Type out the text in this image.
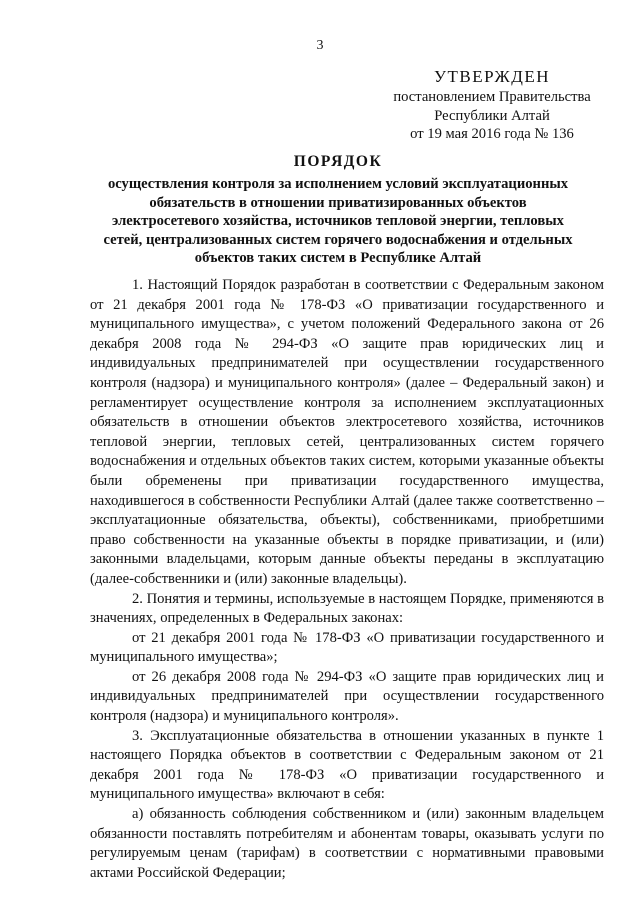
3
УТВЕРЖДЕН
постановлением Правительства
Республики Алтай
от 19 мая 2016 года № 136
ПОРЯДОК
осуществления контроля за исполнением условий эксплуатационных обязательств в отношении приватизированных объектов электросетевого хозяйства, источников тепловой энергии, тепловых сетей, централизованных систем горячего водоснабжения и отдельных объектов таких систем в Республике Алтай

1. Настоящий Порядок разработан в соответствии с Федеральным законом от 21 декабря 2001 года № 178-ФЗ «О приватизации государственного и муниципального имущества», с учетом положений Федерального закона от 26 декабря 2008 года № 294-ФЗ «О защите прав юридических лиц и индивидуальных предпринимателей при осуществлении государственного контроля (надзора) и муниципального контроля» (далее – Федеральный закон) и регламентирует осуществление контроля за исполнением эксплуатационных обязательств в отношении объектов электросетевого хозяйства, источников тепловой энергии, тепловых сетей, централизованных систем горячего водоснабжения и отдельных объектов таких систем, которыми указанные объекты были обременены при приватизации государственного имущества, находившегося в собственности Республики Алтай (далее также соответственно – эксплуатационные обязательства, объекты), собственниками, приобретшими право собственности на указанные объекты в порядке приватизации, и (или) законными владельцами, которым данные объекты переданы в эксплуатацию (далее-собственники и (или) законные владельцы).

2. Понятия и термины, используемые в настоящем Порядке, применяются в значениях, определенных в Федеральных законах:

от 21 декабря 2001 года № 178-ФЗ «О приватизации государственного и муниципального имущества»;

от 26 декабря 2008 года № 294-ФЗ «О защите прав юридических лиц и индивидуальных предпринимателей при осуществлении государственного контроля (надзора) и муниципального контроля».

3. Эксплуатационные обязательства в отношении указанных в пункте 1 настоящего Порядка объектов в соответствии с Федеральным законом от 21 декабря 2001 года № 178-ФЗ «О приватизации государственного и муниципального имущества» включают в себя:

а) обязанность соблюдения собственником и (или) законным владельцем обязанности поставлять потребителям и абонентам товары, оказывать услуги по регулируемым ценам (тарифам) в соответствии с нормативными правовыми актами Российской Федерации;
